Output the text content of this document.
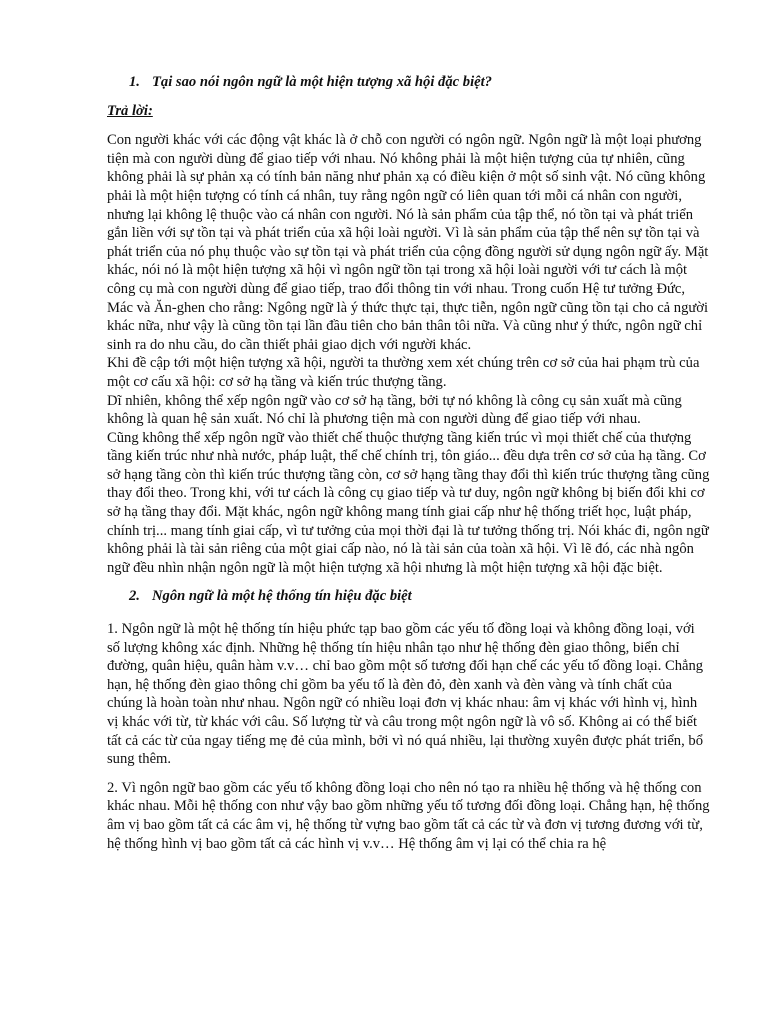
1. Tại sao nói ngôn ngữ là một hiện tượng xã hội đặc biệt?

Trả lời:

Con người khác với các động vật khác là ở chỗ con người có ngôn ngữ. Ngôn ngữ là một loại phương tiện mà con người dùng để giao tiếp với nhau. Nó không phải là một hiện tượng của tự nhiên, cũng không phải là sự phản xạ có tính bản năng như phản xạ có điều kiện ở một số sinh vật. Nó cũng không phải là một hiện tượng có tính cá nhân, tuy rằng ngôn ngữ có liên quan tới mỗi cá nhân con người, nhưng lại không lệ thuộc vào cá nhân con người. Nó là sản phẩm của tập thể, nó tồn tại và phát triển gắn liền với sự tồn tại và phát triển của xã hội loài người. Vì là sản phẩm của tập thể nên sự tồn tại và phát triển của nó phụ thuộc vào sự tồn tại và phát triển của cộng đồng người sử dụng ngôn ngữ ấy. Mặt khác, nói nó là một hiện tượng xã hội vì ngôn ngữ tồn tại trong xã hội loài người với tư cách là một công cụ mà con người dùng để giao tiếp, trao đổi thông tin với nhau. Trong cuốn Hệ tư tưởng Đức, Mác và Ăn-ghen cho rằng: Ngông ngữ là ý thức thực tại, thực tiễn, ngôn ngữ cũng tồn tại cho cả người khác nữa, như vậy là cũng tồn tại lần đầu tiên cho bản thân tôi nữa. Và cũng như ý thức, ngôn ngữ chỉ sinh ra do nhu cầu, do cần thiết phải giao dịch với người khác.

Khi đề cập tới một hiện tượng xã hội, người ta thường xem xét chúng trên cơ sở của hai phạm trù của một cơ cấu xã hội: cơ sở hạ tầng và kiến trúc thượng tầng.

Dĩ nhiên, không thể xếp ngôn ngữ vào cơ sở hạ tầng, bởi tự nó không là công cụ sản xuất mà cũng không là quan hệ sản xuất. Nó chỉ là phương tiện mà con người dùng để giao tiếp với nhau.

Cũng không thể xếp ngôn ngữ vào thiết chế thuộc thượng tầng kiến trúc vì mọi thiết chế của thượng tầng kiến trúc như nhà nước, pháp luật, thể chế chính trị, tôn giáo... đều dựa trên cơ sở của hạ tầng. Cơ sở hạng tầng còn thì kiến trúc thượng tầng còn, cơ sở hạng tầng thay đổi thì kiến trúc thượng tầng cũng thay đổi theo. Trong khi, với tư cách là công cụ giao tiếp và tư duy, ngôn ngữ không bị biến đổi khi cơ sở hạ tầng thay đổi. Mặt khác, ngôn ngữ không mang tính giai cấp như hệ thống triết học, luật pháp, chính trị... mang tính giai cấp, vì tư tưởng của mọi thời đại là tư tưởng thống trị. Nói khác đi, ngôn ngữ không phải là tài sản riêng của một giai cấp nào, nó là tài sản của toàn xã hội. Vì lẽ đó, các nhà ngôn ngữ đều nhìn nhận ngôn ngữ là một hiện tượng xã hội nhưng là một hiện tượng xã hội đặc biệt.

2. Ngôn ngữ là một hệ thống tín hiệu đặc biệt

1. Ngôn ngữ là một hệ thống tín hiệu phức tạp bao gồm các yếu tố đồng loại và không đồng loại, với số lượng không xác định. Những hệ thống tín hiệu nhân tạo như hệ thống đèn giao thông, biển chỉ đường, quân hiệu, quân hàm v.v… chỉ bao gồm một số tương đối hạn chế các yếu tố đồng loại. Chẳng hạn, hệ thống đèn giao thông chỉ gồm ba yếu tố là đèn đỏ, đèn xanh và đèn vàng và tính chất của chúng là hoàn toàn như nhau. Ngôn ngữ có nhiều loại đơn vị khác nhau: âm vị khác với hình vị, hình vị khác với từ, từ khác với câu. Số lượng từ và câu trong một ngôn ngữ là vô số. Không ai có thể biết tất cả các từ của ngay tiếng mẹ đẻ của mình, bởi vì nó quá nhiều, lại thường xuyên được phát triển, bổ sung thêm.

2. Vì ngôn ngữ bao gồm các yếu tố không đồng loại cho nên nó tạo ra nhiều hệ thống và hệ thống con khác nhau. Mỗi hệ thống con như vậy bao gồm những yếu tố tương đối đồng loại. Chẳng hạn, hệ thống âm vị bao gồm tất cả các âm vị, hệ thống từ vựng bao gồm tất cả các từ và đơn vị tương đương với từ, hệ thống hình vị bao gồm tất cả các hình vị v.v… Hệ thống âm vị lại có thể chia ra hệ
